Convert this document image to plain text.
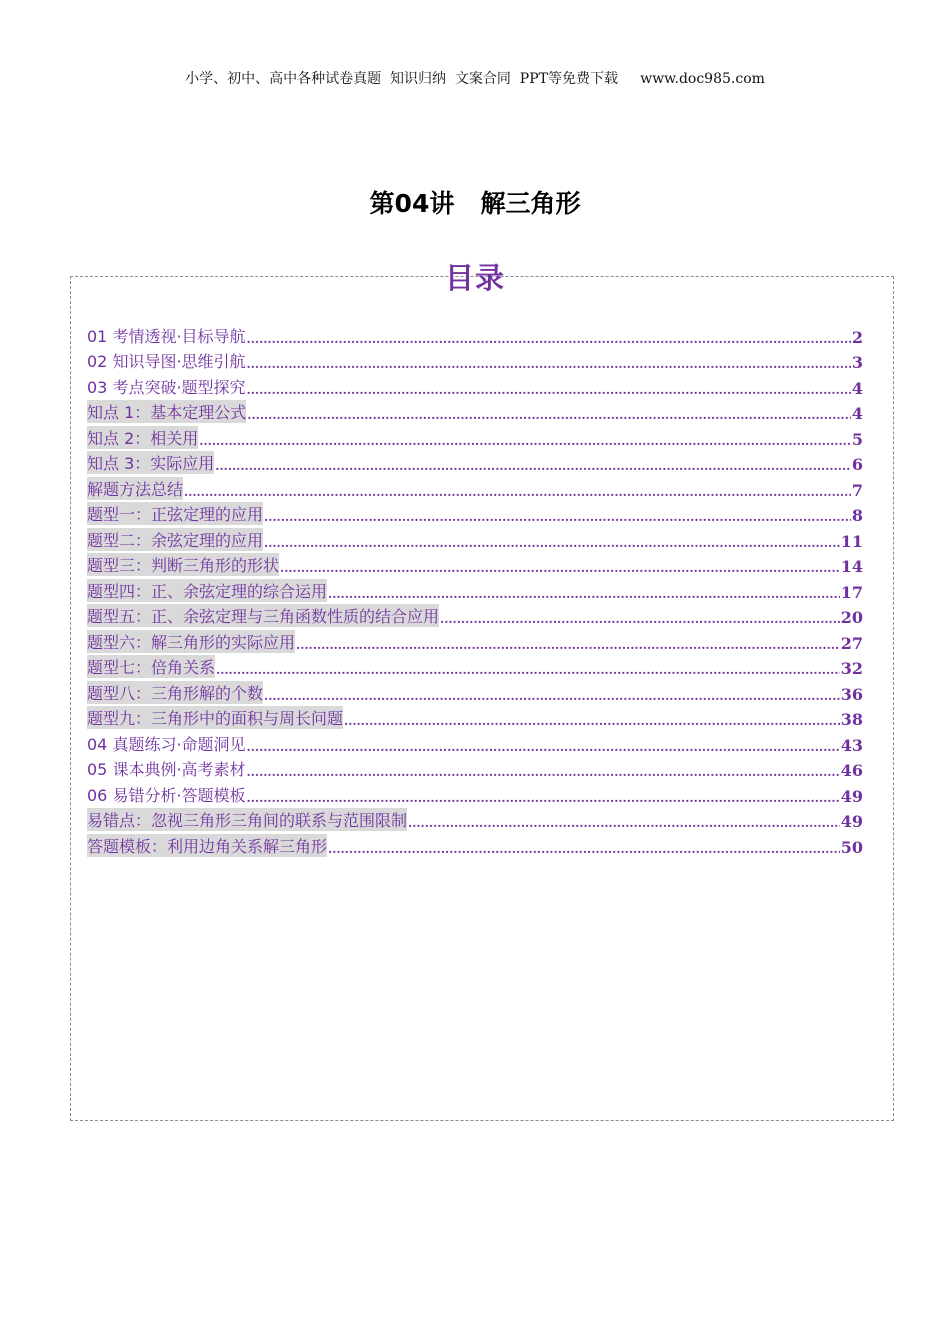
小学、初中、高中各种试卷真题  知识归纳  文案合同  PPT等免费下载     www.doc985.com
第04讲   解三角形
目录
01 考情透视·目标导航 .....	2
02 知识导图·思维引航 .....	3
03 考点突破·题型探究 .....	4
知点 1：基本定理公式 .....	4
知点 2：相关用 .....	5
知点 3：实际应用 .....	6
解题方法总结 .....	7
题型一：正弦定理的应用 .....	8
题型二：余弦定理的应用 .....	11
题型三：判断三角形的形状 .....	14
题型四：正、余弦定理的综合运用 .....	17
题型五：正、余弦定理与三角函数性质的结合应用 .....	20
题型六：解三角形的实际应用 .....	27
题型七：倍角关系 .....	32
题型八：三角形解的个数 .....	36
题型九：三角形中的面积与周长问题 .....	38
04 真题练习·命题洞见 .....	43
05 课本典例·高考素材 .....	46
06 易错分析·答题模板 .....	49
易错点：忽视三角形三角间的联系与范围限制 .....	49
答题模板：利用边角关系解三角形 .....	50
